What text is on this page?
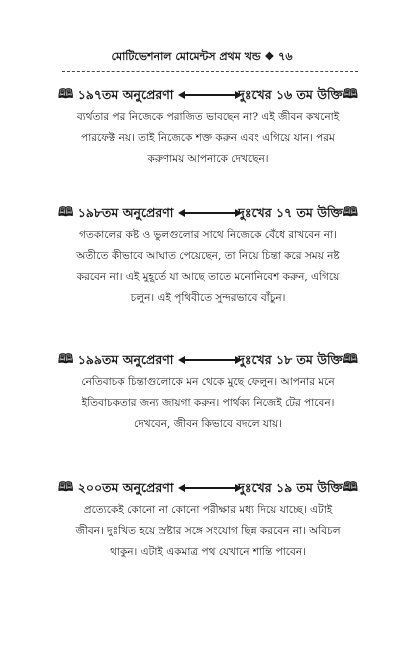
মোটিভেশনাল মোমেন্টস প্রথম খন্ড ❖ ৭৬
🕮 ১৯৭তম অনুপ্রেরণা	দুঃখের ১৬ তম উক্তি🕮
ব্যর্থতার পর নিজেকে পরাজিত ভাবছেন না? এই জীবন কখনোই
পারফেক্ট নয়। তাই নিজেকে শক্ত করুন এবং এগিয়ে যান। পরম
করুণাময় আপনাকে দেখছেন।
🕮 ১৯৮তম অনুপ্রেরণা	দুঃখের ১৭ তম উক্তি🕮
গতকালের কষ্ট ও ভুলগুলোর সাথে নিজেকে বেঁধে রাখবেন না।
অতীতে কীভাবে আঘাত পেয়েছেন, তা নিয়ে চিন্তা করে সময় নষ্ট
করবেন না। এই মুহূর্তে যা আছে তাতে মনোনিবেশ করুন, এগিয়ে
চলুন। এই পৃথিবীতে সুন্দরভাবে বাঁচুন।
🕮 ১৯৯তম অনুপ্রেরণা	দুঃখের ১৮ তম উক্তি🕮
নেতিবাচক চিন্তাগুলোকে মন থেকে মুছে ফেলুন। আপনার মনে
ইতিবাচকতার জন্য জায়গা করুন। পার্থক্য নিজেই টের পাবেন।
দেখবেন, জীবন কিভাবে বদলে যায়।
🕮 ২০০তম অনুপ্রেরণা	দুঃখের ১৯ তম উক্তি🕮
প্রত্যেকেই কোনো না কোনো পরীক্ষার মধ্য দিয়ে যাচ্ছে। এটাই
জীবন। দুঃখিত হয়ে স্রষ্টার সঙ্গে সংযোগ ছিন্ন করবেন না। অবিচল
থাকুন। এটাই একমাত্র পথ যেখানে শান্তি পাবেন।
